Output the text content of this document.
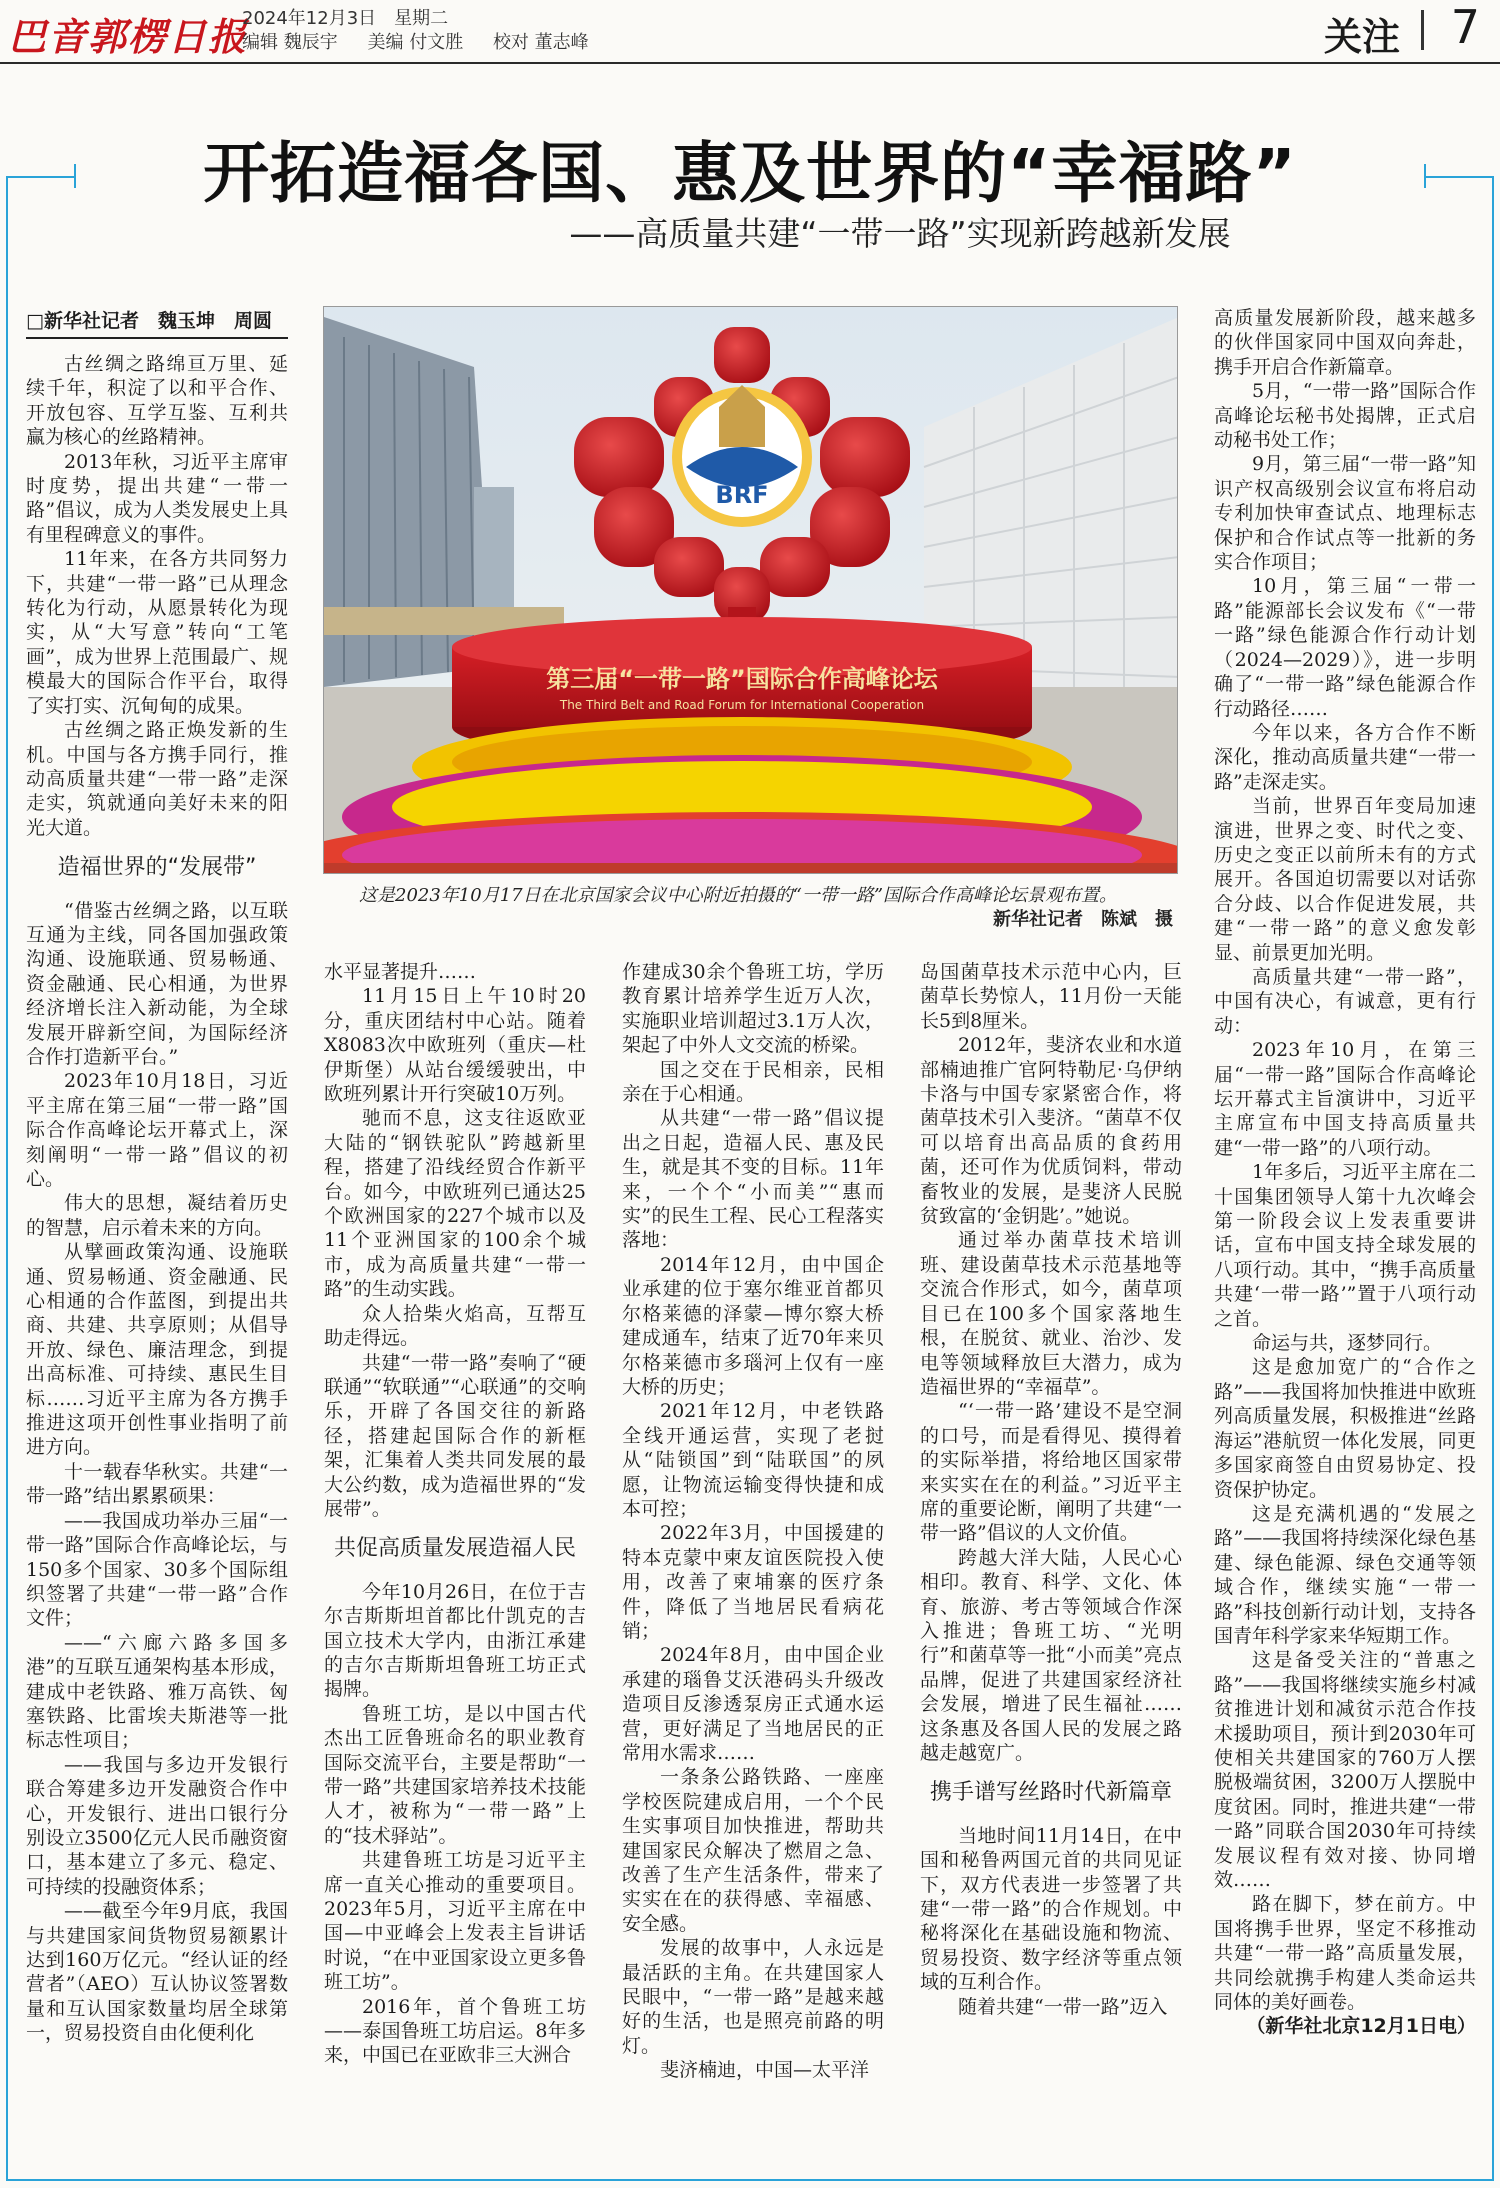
巴音郭楞日报
2024年12月3日　星期二
编辑 魏辰宇 美编 付文胜 校对 董志峰	关注 7
开拓造福各国、惠及世界的“幸福路”
——高质量共建“一带一路”实现新跨越新发展
□新华社记者　魏玉坤　周圆

古丝绸之路绵亘万里、延续千年，积淀了以和平合作、开放包容、互学互鉴、互利共赢为核心的丝路精神。

2013年秋，习近平主席审时度势，提出共建“一带一路”倡议，成为人类发展史上具有里程碑意义的事件。

11年来，在各方共同努力下，共建“一带一路”已从理念转化为行动，从愿景转化为现实，从“大写意”转向“工笔画”，成为世界上范围最广、规模最大的国际合作平台，取得了实打实、沉甸甸的成果。

古丝绸之路正焕发新的生机。中国与各方携手同行，推动高质量共建“一带一路”走深走实，筑就通向美好未来的阳光大道。

造福世界的“发展带”

“借鉴古丝绸之路，以互联互通为主线，同各国加强政策沟通、设施联通、贸易畅通、资金融通、民心相通，为世界经济增长注入新动能，为全球发展开辟新空间，为国际经济合作打造新平台。”

2023年10月18日，习近平主席在第三届“一带一路”国际合作高峰论坛开幕式上，深刻阐明“一带一路”倡议的初心。

伟大的思想，凝结着历史的智慧，启示着未来的方向。

从擘画政策沟通、设施联通、贸易畅通、资金融通、民心相通的合作蓝图，到提出共商、共建、共享原则；从倡导开放、绿色、廉洁理念，到提出高标准、可持续、惠民生目标……习近平主席为各方携手推进这项开创性事业指明了前进方向。

十一载春华秋实。共建“一带一路”结出累累硕果：

——我国成功举办三届“一带一路”国际合作高峰论坛，与150多个国家、30多个国际组织签署了共建“一带一路”合作文件；

——“六廊六路多国多港”的互联互通架构基本形成，建成中老铁路、雅万高铁、匈塞铁路、比雷埃夫斯港等一批标志性项目；

——我国与多边开发银行联合筹建多边开发融资合作中心，开发银行、进出口银行分别设立3500亿元人民币融资窗口，基本建立了多元、稳定、可持续的投融资体系；

——截至今年9月底，我国与共建国家间货物贸易额累计达到160万亿元。“经认证的经营者”（AEO）互认协议签署数量和互认国家数量均居全球第一，贸易投资自由化便利化

BRF
第三届“一带一路”国际合作高峰论坛
The Third Belt and Road Forum for International Cooperation
这是2023年10月17日在北京国家会议中心附近拍摄的“一带一路”国际合作高峰论坛景观布置。
新华社记者　陈斌　摄

水平显著提升……

11月15日上午10时20分，重庆团结村中心站。随着X8083次中欧班列（重庆—杜伊斯堡）从站台缓缓驶出，中欧班列累计开行突破10万列。

驰而不息，这支往返欧亚大陆的“钢铁驼队”跨越新里程，搭建了沿线经贸合作新平台。如今，中欧班列已通达25个欧洲国家的227个城市以及11个亚洲国家的100余个城市，成为高质量共建“一带一路”的生动实践。

众人拾柴火焰高，互帮互助走得远。

共建“一带一路”奏响了“硬联通”“软联通”“心联通”的交响乐，开辟了各国交往的新路径，搭建起国际合作的新框架，汇集着人类共同发展的最大公约数，成为造福世界的“发展带”。

共促高质量发展造福人民

今年10月26日，在位于吉尔吉斯斯坦首都比什凯克的吉国立技术大学内，由浙江承建的吉尔吉斯斯坦鲁班工坊正式揭牌。

鲁班工坊，是以中国古代杰出工匠鲁班命名的职业教育国际交流平台，主要是帮助“一带一路”共建国家培养技术技能人才，被称为“一带一路”上的“技术驿站”。

共建鲁班工坊是习近平主席一直关心推动的重要项目。2023年5月，习近平主席在中国—中亚峰会上发表主旨讲话时说，“在中亚国家设立更多鲁班工坊”。

2016年，首个鲁班工坊——泰国鲁班工坊启运。8年多来，中国已在亚欧非三大洲合

作建成30余个鲁班工坊，学历教育累计培养学生近万人次，实施职业培训超过3.1万人次，架起了中外人文交流的桥梁。

国之交在于民相亲，民相亲在于心相通。

从共建“一带一路”倡议提出之日起，造福人民、惠及民生，就是其不变的目标。11年来，一个个“小而美”“惠而实”的民生工程、民心工程落实落地：

2014年12月，由中国企业承建的位于塞尔维亚首都贝尔格莱德的泽蒙—博尔察大桥建成通车，结束了近70年来贝尔格莱德市多瑙河上仅有一座大桥的历史；

2021年12月，中老铁路全线开通运营，实现了老挝从“陆锁国”到“陆联国”的夙愿，让物流运输变得快捷和成本可控；

2022年3月，中国援建的特本克蒙中柬友谊医院投入使用，改善了柬埔寨的医疗条件，降低了当地居民看病花销；

2024年8月，由中国企业承建的瑙鲁艾沃港码头升级改造项目反渗透泵房正式通水运营，更好满足了当地居民的正常用水需求……

一条条公路铁路、一座座学校医院建成启用，一个个民生实事项目加快推进，帮助共建国家民众解决了燃眉之急、改善了生产生活条件，带来了实实在在的获得感、幸福感、安全感。

发展的故事中，人永远是最活跃的主角。在共建国家人民眼中，“一带一路”是越来越好的生活，也是照亮前路的明灯。

斐济楠迪，中国—太平洋

岛国菌草技术示范中心内，巨菌草长势惊人，11月份一天能长5到8厘米。

2012年，斐济农业和水道部楠迪推广官阿特勒尼·乌伊纳卡洛与中国专家紧密合作，将菌草技术引入斐济。“菌草不仅可以培育出高品质的食药用菌，还可作为优质饲料，带动畜牧业的发展，是斐济人民脱贫致富的‘金钥匙’。”她说。

通过举办菌草技术培训班、建设菌草技术示范基地等交流合作形式，如今，菌草项目已在100多个国家落地生根，在脱贫、就业、治沙、发电等领域释放巨大潜力，成为造福世界的“幸福草”。

“‘一带一路’建设不是空洞的口号，而是看得见、摸得着的实际举措，将给地区国家带来实实在在的利益。”习近平主席的重要论断，阐明了共建“一带一路”倡议的人文价值。

跨越大洋大陆，人民心心相印。教育、科学、文化、体育、旅游、考古等领域合作深入推进；鲁班工坊、“光明行”和菌草等一批“小而美”亮点品牌，促进了共建国家经济社会发展，增进了民生福祉……这条惠及各国人民的发展之路越走越宽广。

携手谱写丝路时代新篇章

当地时间11月14日，在中国和秘鲁两国元首的共同见证下，双方代表进一步签署了共建“一带一路”的合作规划。中秘将深化在基础设施和物流、贸易投资、数字经济等重点领域的互利合作。

随着共建“一带一路”迈入

高质量发展新阶段，越来越多的伙伴国家同中国双向奔赴，携手开启合作新篇章。

5月，“一带一路”国际合作高峰论坛秘书处揭牌，正式启动秘书处工作；

9月，第三届“一带一路”知识产权高级别会议宣布将启动专利加快审查试点、地理标志保护和合作试点等一批新的务实合作项目；

10月，第三届“一带一路”能源部长会议发布《“一带一路”绿色能源合作行动计划（2024—2029）》，进一步明确了“一带一路”绿色能源合作行动路径……

今年以来，各方合作不断深化，推动高质量共建“一带一路”走深走实。

当前，世界百年变局加速演进，世界之变、时代之变、历史之变正以前所未有的方式展开。各国迫切需要以对话弥合分歧、以合作促进发展，共建“一带一路”的意义愈发彰显、前景更加光明。

高质量共建“一带一路”，中国有决心，有诚意，更有行动：

2023年10月，在第三届“一带一路”国际合作高峰论坛开幕式主旨演讲中，习近平主席宣布中国支持高质量共建“一带一路”的八项行动。

1年多后，习近平主席在二十国集团领导人第十九次峰会第一阶段会议上发表重要讲话，宣布中国支持全球发展的八项行动。其中，“携手高质量共建‘一带一路’”置于八项行动之首。

命运与共，逐梦同行。

这是愈加宽广的“合作之路”——我国将加快推进中欧班列高质量发展，积极推进“丝路海运”港航贸一体化发展，同更多国家商签自由贸易协定、投资保护协定。

这是充满机遇的“发展之路”——我国将持续深化绿色基建、绿色能源、绿色交通等领域合作，继续实施“一带一路”科技创新行动计划，支持各国青年科学家来华短期工作。

这是备受关注的“普惠之路”——我国将继续实施乡村减贫推进计划和减贫示范合作技术援助项目，预计到2030年可使相关共建国家的760万人摆脱极端贫困，3200万人摆脱中度贫困。同时，推进共建“一带一路”同联合国2030年可持续发展议程有效对接、协同增效……

路在脚下，梦在前方。中国将携手世界，坚定不移推动共建“一带一路”高质量发展，共同绘就携手构建人类命运共同体的美好画卷。

（新华社北京12月1日电）
